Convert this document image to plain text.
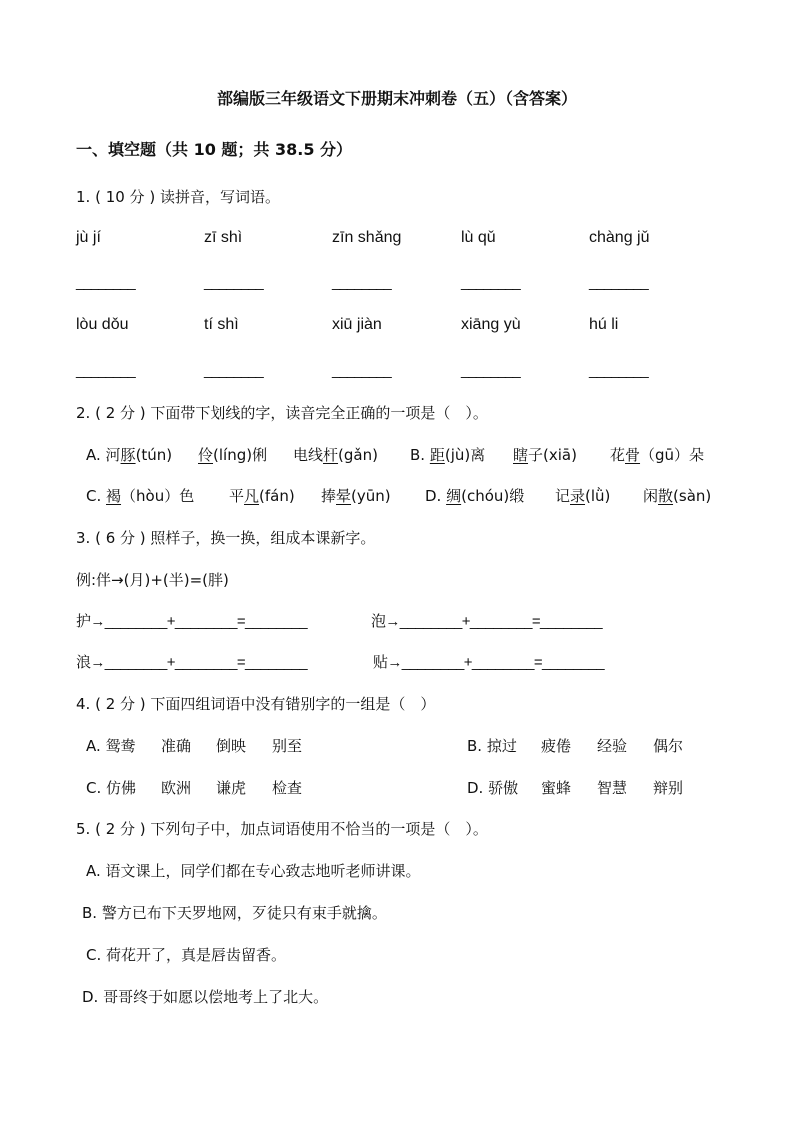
部编版三年级语文下册期末冲刺卷（五）（含答案）
一、填空题（共 10 题；共 38.5 分）
1. ( 10 分 ) 读拼音，写词语。
jù jí	zī shì	zīn shǎng	lù qǔ	chàng jǔ
________	________	________	________	________
lòu dǒu	tí shì	xiū jiàn	xiāng yù	hú li
________	________	________	________	________
2. ( 2 分 ) 下面带下划线的字，读音完全正确的一项是（　）。
A. 河豚(tún) 伶(líng)俐 电线杆(gǎn) B. 距(jù)离 瞎子(xiā) 花骨（gū）朵
C. 褐（hòu）色 平凡(fán) 捧晕(yūn) D. 绸(chóu)缎 记录(lǜ) 闲散(sàn)
3. ( 6 分 ) 照样子，换一换，组成本课新字。
例:伴→(月)+(半)=(胖)
护→________+________=________	泡→________+________=________
浪→________+________=________	贴→________+________=________
4. ( 2 分 ) 下面四组词语中没有错别字的一组是（　）
A. 鸳鸯 准确 倒映 别至	B. 掠过 疲倦 经验 偶尔
C. 仿佛 欧洲 谦虎 检查	D. 骄傲 蜜蜂 智慧 辩别
5. ( 2 分 ) 下列句子中，加点词语使用不恰当的一项是（　）。
A. 语文课上，同学们都在专心致志地听老师讲课。
B. 警方已布下天罗地网，歹徒只有束手就擒。
C. 荷花开了，真是唇齿留香。
D. 哥哥终于如愿以偿地考上了北大。
